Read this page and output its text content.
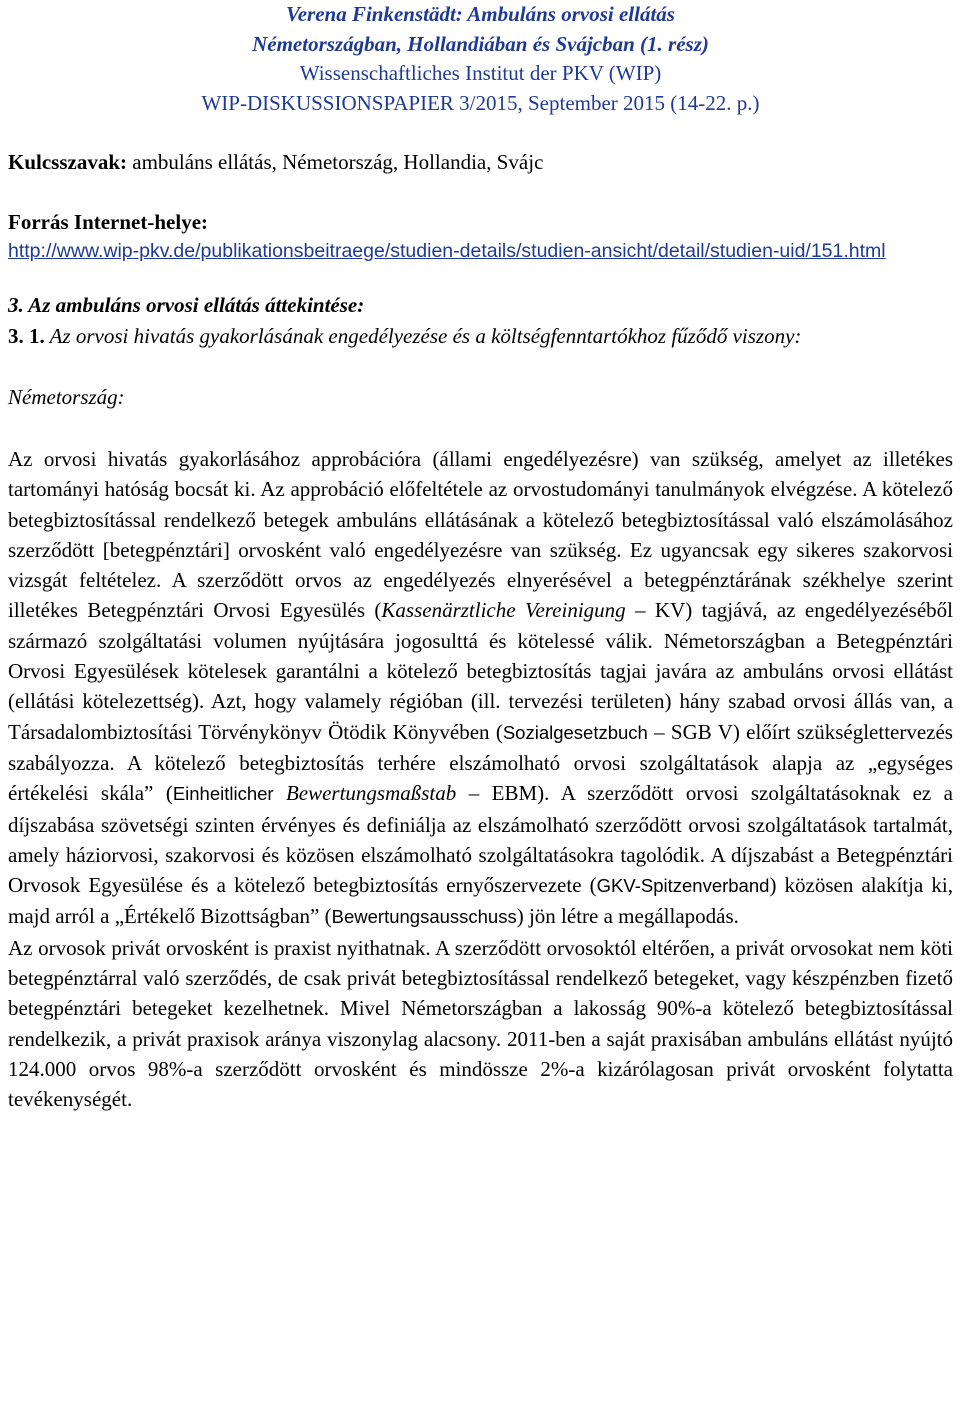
Verena Finkenstädt: Ambuláns orvosi ellátás
Németországban, Hollandiában és Svájcban (1. rész)
Wissenschaftliches Institut der PKV (WIP)
WIP-DISKUSSIONSPAPIER 3/2015, September 2015 (14-22. p.)
Kulcsszavak: ambuláns ellátás, Németország, Hollandia, Svájc
Forrás Internet-helye:
http://www.wip-pkv.de/publikationsbeitraege/studien-details/studien-ansicht/detail/studien-uid/151.html
3. Az ambuláns orvosi ellátás áttekintése:
3. 1. Az orvosi hivatás gyakorlásának engedélyezése és a költségfenntartókhoz fűződő viszony:
Németország:

Az orvosi hivatás gyakorlásához approbációra (állami engedélyezésre) van szükség, amelyet az illetékes tartományi hatóság bocsát ki. Az approbáció előfeltétele az orvostudományi tanulmányok elvégzése. A kötelező betegbiztosítással rendelkező betegek ambuláns ellátásának a kötelező betegbiztosítással való elszámolásához szerződött [betegpénztári] orvosként való engedélyezésre van szükség. Ez ugyancsak egy sikeres szakorvosi vizsgát feltételez. A szerződött orvos az engedélyezés elnyerésével a betegpénztárának székhelye szerint illetékes Betegpénztári Orvosi Egyesülés (Kassenärztliche Vereinigung – KV) tagjává, az engedélyezéséből származó szolgáltatási volumen nyújtására jogosulttá és kötelessé válik. Németországban a Betegpénztári Orvosi Egyesülések kötelesek garantálni a kötelező betegbiztosítás tagjai javára az ambuláns orvosi ellátást (ellátási kötelezettség). Azt, hogy valamely régióban (ill. tervezési területen) hány szabad orvosi állás van, a Társadalombiztosítási Törvénykönyv Ötödik Könyvében (Sozialgesetzbuch – SGB V) előírt szükséglettervezés szabályozza. A kötelező betegbiztosítás terhére elszámolható orvosi szolgáltatások alapja az „egységes értékelési skála” (Einheitlicher Bewertungsmaßstab – EBM). A szerződött orvosi szolgáltatásoknak ez a díjszabása szövetségi szinten érvényes és definiálja az elszámolható szerződött orvosi szolgáltatások tartalmát, amely háziorvosi, szakorvosi és közösen elszámolható szolgáltatásokra tagolódik. A díjszabást a Betegpénztári Orvosok Egyesülése és a kötelező betegbiztosítás ernyőszervezete (GKV-Spitzenverband) közösen alakítja ki, majd arról a „Értékelő Bizottságban” (Bewertungsausschuss) jön létre a megállapodás.

Az orvosok privát orvosként is praxist nyithatnak. A szerződött orvosoktól eltérően, a privát orvosokat nem köti betegpénztárral való szerződés, de csak privát betegbiztosítással rendelkező betegeket, vagy készpénzben fizető betegpénztári betegeket kezelhetnek. Mivel Németországban a lakosság 90%-a kötelező betegbiztosítással rendelkezik, a privát praxisok aránya viszonylag alacsony. 2011-ben a saját praxisában ambuláns ellátást nyújtó 124.000 orvos 98%-a szerződött orvosként és mindössze 2%-a kizárólagosan privát orvosként folytatta tevékenységét.
